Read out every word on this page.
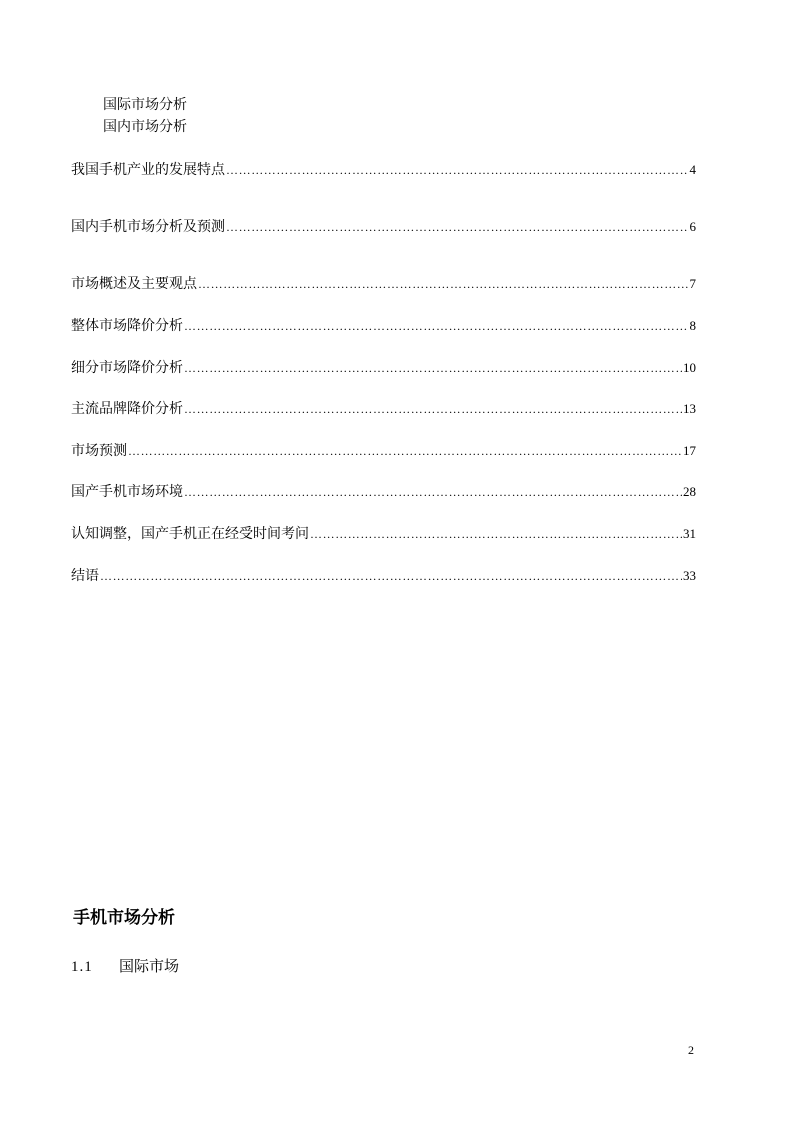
国际市场分析
国内市场分析
我国手机产业的发展特点 …………………………………………………………………………………………………………………………………………………………………………………………………………………………	4
国内手机市场分析及预测 …………………………………………………………………………………………………………………………………………………………………………………………………………………………	6
市场概述及主要观点 …………………………………………………………………………………………………………………………………………………………………………………………………………………………	7
整体市场降价分析 …………………………………………………………………………………………………………………………………………………………………………………………………………………………	8
细分市场降价分析 …………………………………………………………………………………………………………………………………………………………………………………………………………………………	10
主流品牌降价分析 …………………………………………………………………………………………………………………………………………………………………………………………………………………………	13
市场预测 …………………………………………………………………………………………………………………………………………………………………………………………………………………………	17
国产手机市场环境 …………………………………………………………………………………………………………………………………………………………………………………………………………………………	28
认知调整，国产手机正在经受时间考问 …………………………………………………………………………………………………………………………………………………………………………………………………………………………	31
结语 …………………………………………………………………………………………………………………………………………………………………………………………………………………………	33
手机市场分析
1.1 国际市场
2
